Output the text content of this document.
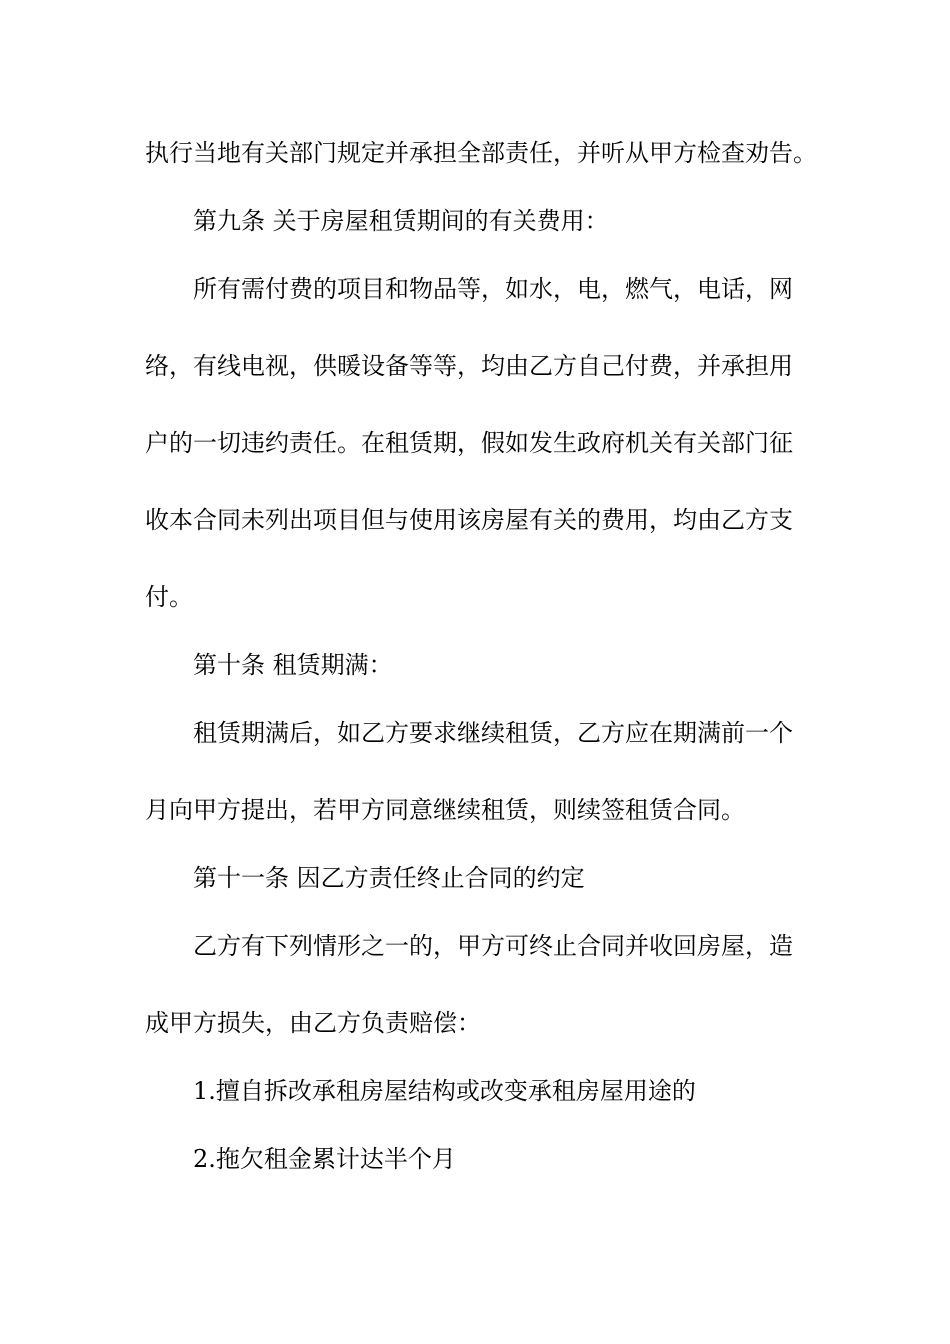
执行当地有关部门规定并承担全部责任，并听从甲方检查劝告。
第九条 关于房屋租赁期间的有关费用：
所有需付费的项目和物品等，如水，电，燃气，电话，网
络，有线电视，供暖设备等等，均由乙方自己付费，并承担用
户的一切违约责任。在租赁期，假如发生政府机关有关部门征
收本合同未列出项目但与使用该房屋有关的费用，均由乙方支
付。
第十条 租赁期满：
租赁期满后，如乙方要求继续租赁，乙方应在期满前一个
月向甲方提出，若甲方同意继续租赁，则续签租赁合同。
第十一条 因乙方责任终止合同的约定
乙方有下列情形之一的，甲方可终止合同并收回房屋，造
成甲方损失，由乙方负责赔偿：
1.擅自拆改承租房屋结构或改变承租房屋用途的
2.拖欠租金累计达半个月
